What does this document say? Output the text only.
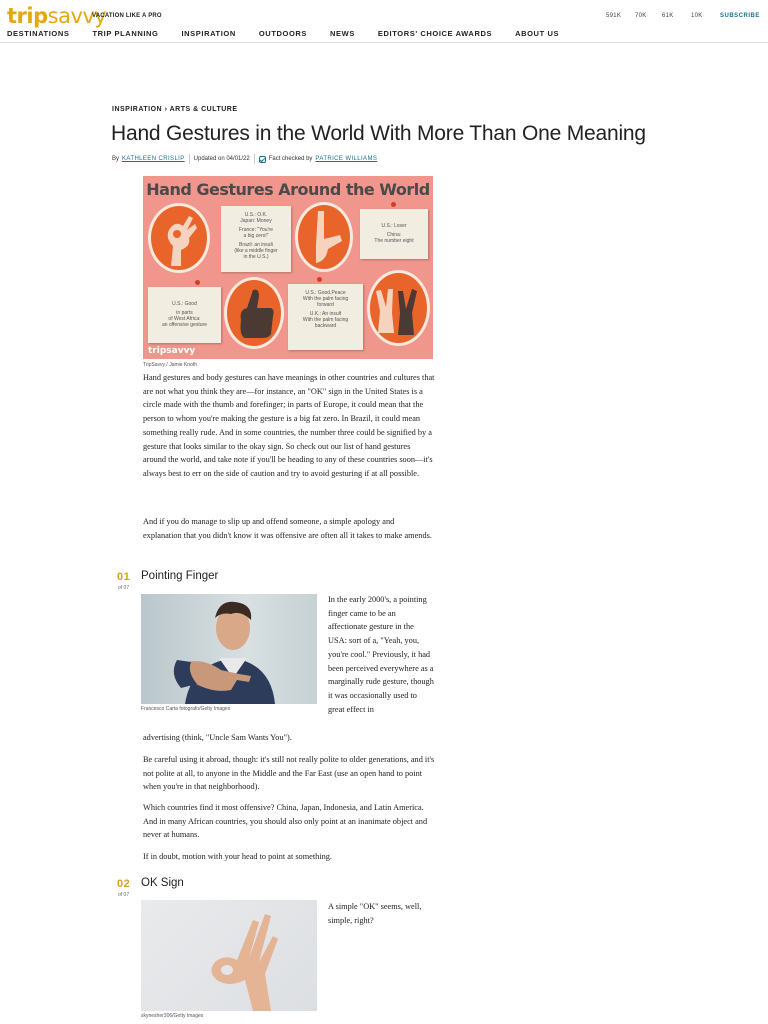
tripsavvy
VACATION LIKE A PRO	591K 70K	61K	10K	SUBSCRIBE
DESTINATIONS	TRIP PLANNING	INSPIRATION	OUTDOORS	NEWS	EDITORS' CHOICE AWARDS	ABOUT US
INSPIRATION › ARTS & CULTURE
Hand Gestures in the World With More Than One Meaning
By KATHLEEN CRISLIP Updated on 04/01/22	Fact checked by PATRICE WILLIAMS
Hand Gestures Around the World
U.S.: O.K.
Japan: Money
France: "You're
a big zero!"
Brazil: an insult
(like a middle finger
in the U.S.)
U.S.: Loser
China:
The number eight
U.S.: Good
in parts
of West Africa:
an offensive gesture
U.S.: Good,Peace
With the palm facing
forward
U.K.: An insult
With the palm facing
backward
tripsavvy
TripSavvy / Jamie Knoth

Hand gestures and body gestures can have meanings in other countries and cultures that are not what you think they are—for instance, an "OK" sign in the United States is a circle made with the thumb and forefinger; in parts of Europe, it could mean that the person to whom you're making the gesture is a big fat zero. In Brazil, it could mean something really rude. And in some countries, the number three could be signified by a gesture that looks similar to the okay sign. So check out our list of hand gestures around the world, and take note if you'll be heading to any of these countries soon—it's always best to err on the side of caution and try to avoid gesturing if at all possible.

And if you do manage to slip up and offend someone, a simple apology and explanation that you didn't know it was offensive are often all it takes to make amends.

01
of 07
Pointing Finger
Francesco Carta fotografo/Getty Images

In the early 2000's, a pointing finger came to be an affectionate gesture in the USA: sort of a, "Yeah, you, you're cool." Previously, it had been perceived everywhere as a marginally rude gesture, though it was occasionally used to great effect in

advertising (think, "Uncle Sam Wants You").

Be careful using it abroad, though: it's still not really polite to older generations, and it's not polite at all, to anyone in the Middle and the Far East (use an open hand to point when you're in that neighborhood).

Which countries find it most offensive? China, Japan, Indonesia, and Latin America. And in many African countries, you should also only point at an inanimate object and never at humans.

If in doubt, motion with your head to point at something.

02
of 07
OK Sign
skynesher306/Getty Images

A simple "OK" seems, well, simple, right?
